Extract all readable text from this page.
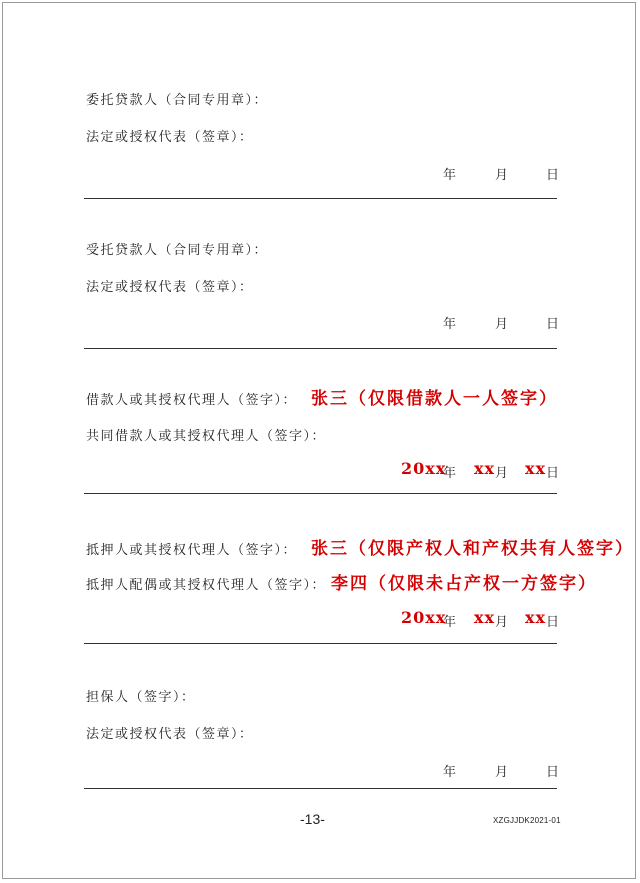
委托贷款人（合同专用章）：
法定或授权代表（签章）：
年	月	日
受托贷款人（合同专用章）：
法定或授权代表（签章）：
年	月	日
借款人或其授权代理人（签字）： 张三（仅限借款人一人签字）
共同借款人或其授权代理人（签字）：
20xx
年 xx 月 xx 日
抵押人或其授权代理人（签字）： 张三（仅限产权人和产权共有人签字）
抵押人配偶或其授权代理人（签字）： 李四（仅限未占产权一方签字）
20xx
年 xx 月 xx 日
担保人（签字）：
法定或授权代表（签章）：
年	月	日
-13-	XZGJJDK2021-01
